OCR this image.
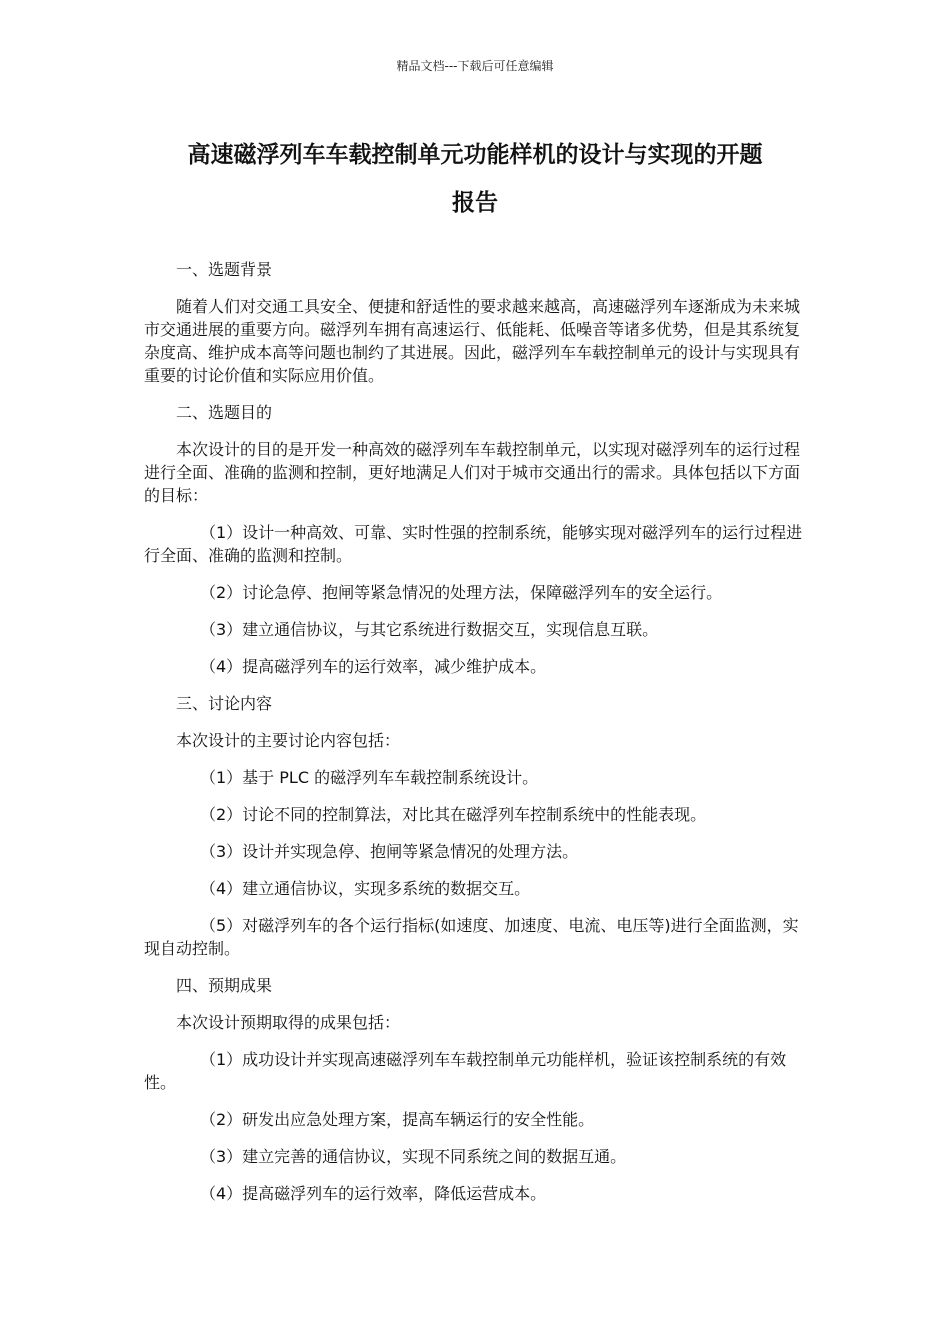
精品文档---下载后可任意编辑
高速磁浮列车车载控制单元功能样机的设计与实现的开题
报告

一、选题背景

随着人们对交通工具安全、便捷和舒适性的要求越来越高，高速磁浮列车逐渐成为未来城市交通进展的重要方向。磁浮列车拥有高速运行、低能耗、低噪音等诸多优势，但是其系统复杂度高、维护成本高等问题也制约了其进展。因此，磁浮列车车载控制单元的设计与实现具有重要的讨论价值和实际应用价值。

二、选题目的

本次设计的目的是开发一种高效的磁浮列车车载控制单元，以实现对磁浮列车的运行过程进行全面、准确的监测和控制，更好地满足人们对于城市交通出行的需求。具体包括以下方面的目标：

（1）设计一种高效、可靠、实时性强的控制系统，能够实现对磁浮列车的运行过程进行全面、准确的监测和控制。

（2）讨论急停、抱闸等紧急情况的处理方法，保障磁浮列车的安全运行。

（3）建立通信协议，与其它系统进行数据交互，实现信息互联。

（4）提高磁浮列车的运行效率，减少维护成本。

三、讨论内容

本次设计的主要讨论内容包括：

（1）基于 PLC 的磁浮列车车载控制系统设计。

（2）讨论不同的控制算法，对比其在磁浮列车控制系统中的性能表现。

（3）设计并实现急停、抱闸等紧急情况的处理方法。

（4）建立通信协议，实现多系统的数据交互。

（5）对磁浮列车的各个运行指标(如速度、加速度、电流、电压等)进行全面监测，实现自动控制。

四、预期成果

本次设计预期取得的成果包括：

（1）成功设计并实现高速磁浮列车车载控制单元功能样机，验证该控制系统的有效性。

（2）研发出应急处理方案，提高车辆运行的安全性能。

（3）建立完善的通信协议，实现不同系统之间的数据互通。

（4）提高磁浮列车的运行效率，降低运营成本。
